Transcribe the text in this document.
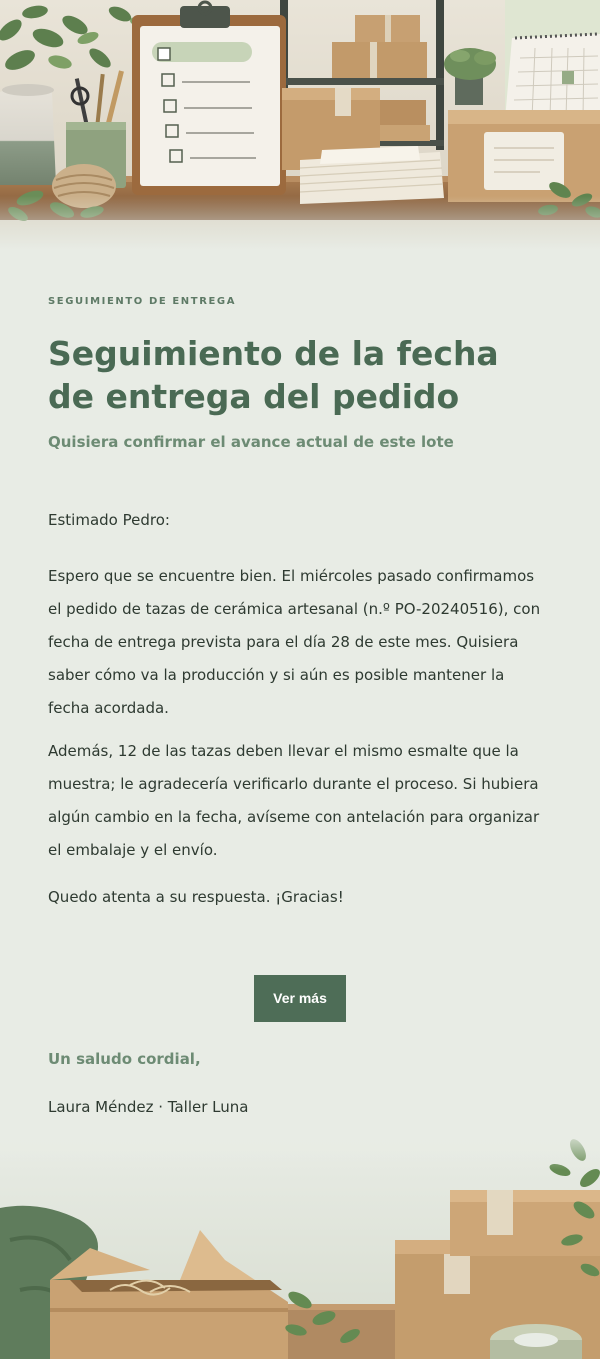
SEGUIMIENTO DE ENTREGA

Seguimiento de la fecha de entrega del pedido

Quisiera confirmar el avance actual de este lote

Estimado Pedro:

Espero que se encuentre bien. El miércoles pasado confirmamos el pedido de tazas de cerámica artesanal (n.º PO-20240516), con fecha de entrega prevista para el día 28 de este mes. Quisiera saber cómo va la producción y si aún es posible mantener la fecha acordada.

Además, 12 de las tazas deben llevar el mismo esmalte que la muestra; le agradecería verificarlo durante el proceso. Si hubiera algún cambio en la fecha, avíseme con antelación para organizar el embalaje y el envío.

Quedo atenta a su respuesta. ¡Gracias!

Ver más

Un saludo cordial,

Laura Méndez · Taller Luna
